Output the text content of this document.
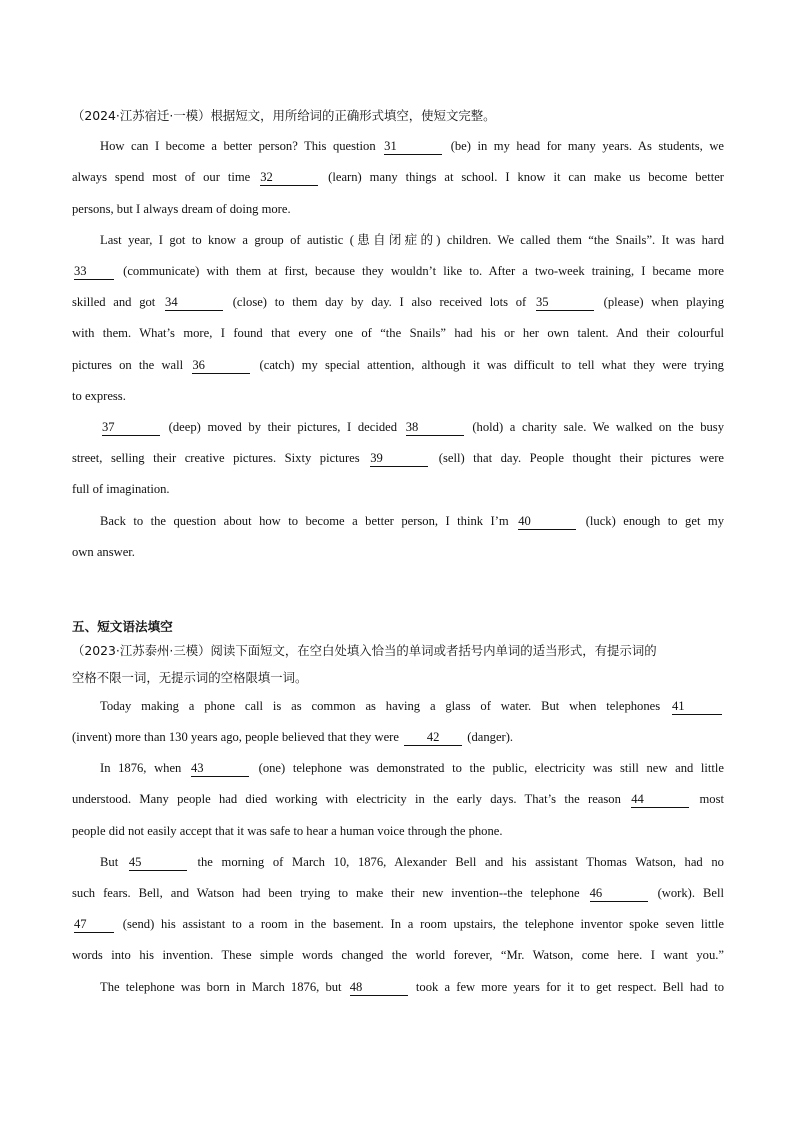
（2024·江苏宿迁·一模）根据短文，用所给词的正确形式填空，使短文完整。
How can I become a better person? This question 31	(be) in my head for many years. As students, we
always spend most of our time 32	(learn) many things at school. I know it can make us become better
persons, but I always dream of doing more.
Last year, I got to know a group of autistic (患自闭症的) children. We called them “the Snails”. It was hard
33	(communicate) with them at first, because they wouldn’t like to. After a two-week training, I became more
skilled and got 34	(close) to them day by day. I also received lots of 35	(please) when playing
with them. What’s more, I found that every one of “the Snails” had his or her own talent. And their colourful
pictures on the wall 36	(catch) my special attention, although it was difficult to tell what they were trying
to express.
37	(deep) moved by their pictures, I decided 38	(hold) a charity sale. We walked on the busy
street, selling their creative pictures. Sixty pictures 39	(sell) that day. People thought their pictures were
full of imagination.
Back to the question about how to become a better person, I think I’m 40	(luck) enough to get my
own answer.
五、短文语法填空
（2023·江苏泰州·三模）阅读下面短文，在空白处填入恰当的单词或者括号内单词的适当形式，有提示词的
空格不限一词，无提示词的空格限填一词。
Today making a phone call is as common as having a glass of water. But when telephones 41
(invent) more than 130 years ago, people believed that they were 42 (danger).
In 1876, when 43	(one) telephone was demonstrated to the public, electricity was still new and little
understood. Many people had died working with electricity in the early days. That’s the reason 44	most
people did not easily accept that it was safe to hear a human voice through the phone.
But 45	the morning of March 10, 1876, Alexander Bell and his assistant Thomas Watson, had no
such fears. Bell, and Watson had been trying to make their new invention--the telephone 46	(work). Bell
47	(send) his assistant to a room in the basement. In a room upstairs, the telephone inventor spoke seven little
words into his invention. These simple words changed the world forever, “Mr. Watson, come here. I want you.”
The telephone was born in March 1876, but 48	took a few more years for it to get respect. Bell had to
